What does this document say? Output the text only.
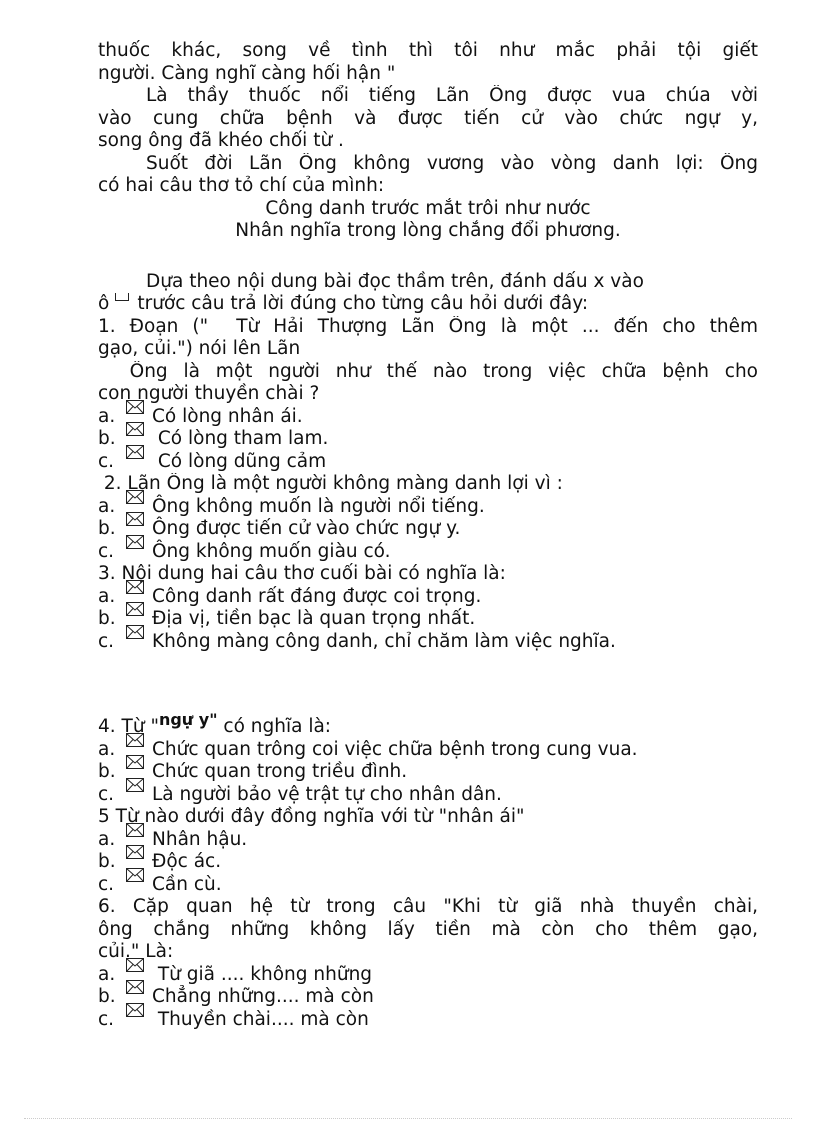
thuốc khác, song về tình thì tôi như mắc phải tội giết
người. Càng nghĩ càng hối hận "
Là thầy thuốc nổi tiếng Lãn Ông được vua chúa vời
vào cung chữa bệnh và được tiến cử vào chức ngự y,
song ông đã khéo chối từ .
Suốt đời Lãn Ông không vương vào vòng danh lợi: Ông
có hai câu thơ tỏ chí của mình:
Công danh trước mắt trôi như nước
Nhân nghĩa trong lòng chẳng đổi phương.
Dựa theo nội dung bài đọc thầm trên, đánh dấu x vào
ô trước câu trả lời đúng cho từng câu hỏi dưới đây:
1. Đoạn ("  Từ Hải Thượng Lãn Ông là một ... đến cho thêm
gạo, củi.") nói lên Lãn
Ông là một người như thế nào trong việc chữa bệnh cho
con người thuyền chài ?
a.	Có lòng nhân ái.
b.	Có lòng tham lam.
c.	Có lòng dũng cảm
2. Lãn Ông là một người không màng danh lợi vì :
a.	Ông không muốn là người nổi tiếng.
b.	Ông được tiến cử vào chức ngự y.
c.	Ông không muốn giàu có.
3. Nội dung hai câu thơ cuối bài có nghĩa là:
a.	Công danh rất đáng được coi trọng.
b.	Địa vị, tiền bạc là quan trọng nhất.
c.	Không màng công danh, chỉ chăm làm việc nghĩa.
4. Từ "ngự y" có nghĩa là:
a.	Chức quan trông coi việc chữa bệnh trong cung vua.
b.	Chức quan trong triều đình.
c.	Là người bảo vệ trật tự cho nhân dân.
5 Từ nào dưới đây đồng nghĩa với từ "nhân ái"
a.	Nhân hậu.
b.	Độc ác.
c.	Cần cù.
6. Cặp quan hệ từ trong câu "Khi từ giã nhà thuyền chài,
ông chẳng những không lấy tiền mà còn cho thêm gạo,
củi." Là:
a.	Từ giã .... không những
b.	Chẳng những.... mà còn
c.	Thuyền chài.... mà còn
